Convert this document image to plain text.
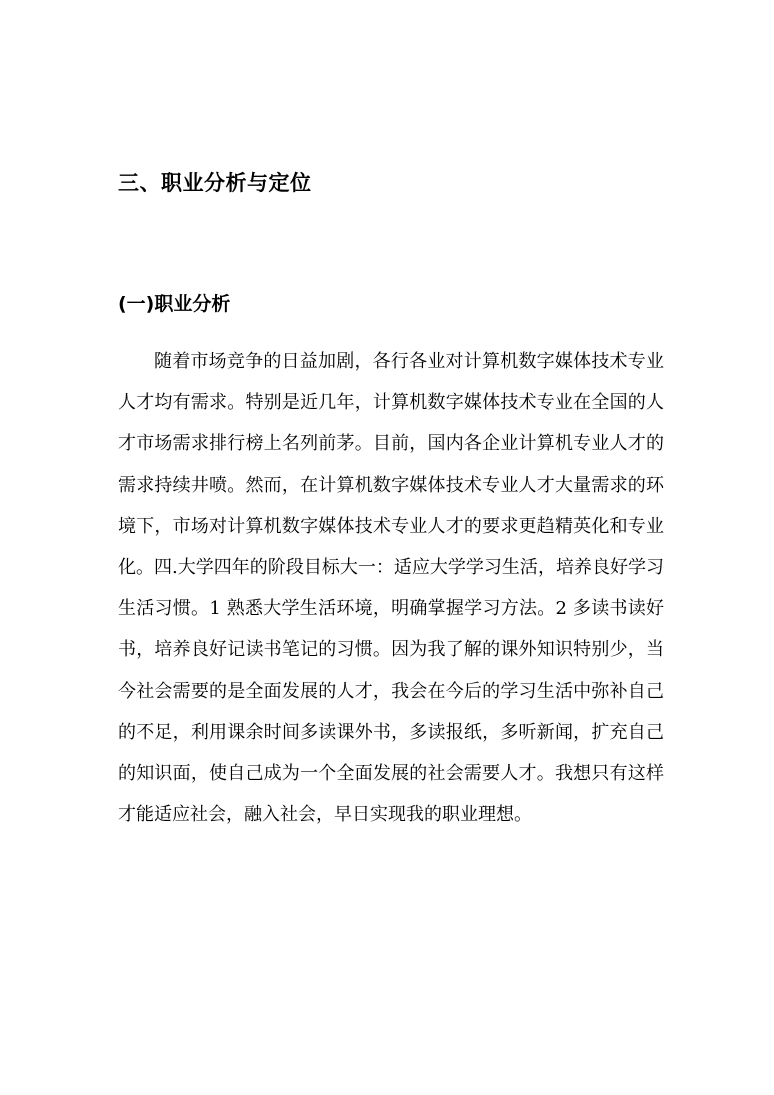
三、职业分析与定位
(一)职业分析

随着市场竞争的日益加剧，各行各业对计算机数字媒体技术专业人才均有需求。特别是近几年，计算机数字媒体技术专业在全国的人才市场需求排行榜上名列前茅。目前，国内各企业计算机专业人才的需求持续井喷。然而，在计算机数字媒体技术专业人才大量需求的环境下，市场对计算机数字媒体技术专业人才的要求更趋精英化和专业化。四.大学四年的阶段目标大一：适应大学学习生活，培养良好学习生活习惯。1 熟悉大学生活环境，明确掌握学习方法。2 多读书读好书，培养良好记读书笔记的习惯。因为我了解的课外知识特别少，当今社会需要的是全面发展的人才，我会在今后的学习生活中弥补自己的不足，利用课余时间多读课外书，多读报纸，多听新闻，扩充自己的知识面，使自己成为一个全面发展的社会需要人才。我想只有这样才能适应社会，融入社会，早日实现我的职业理想。
